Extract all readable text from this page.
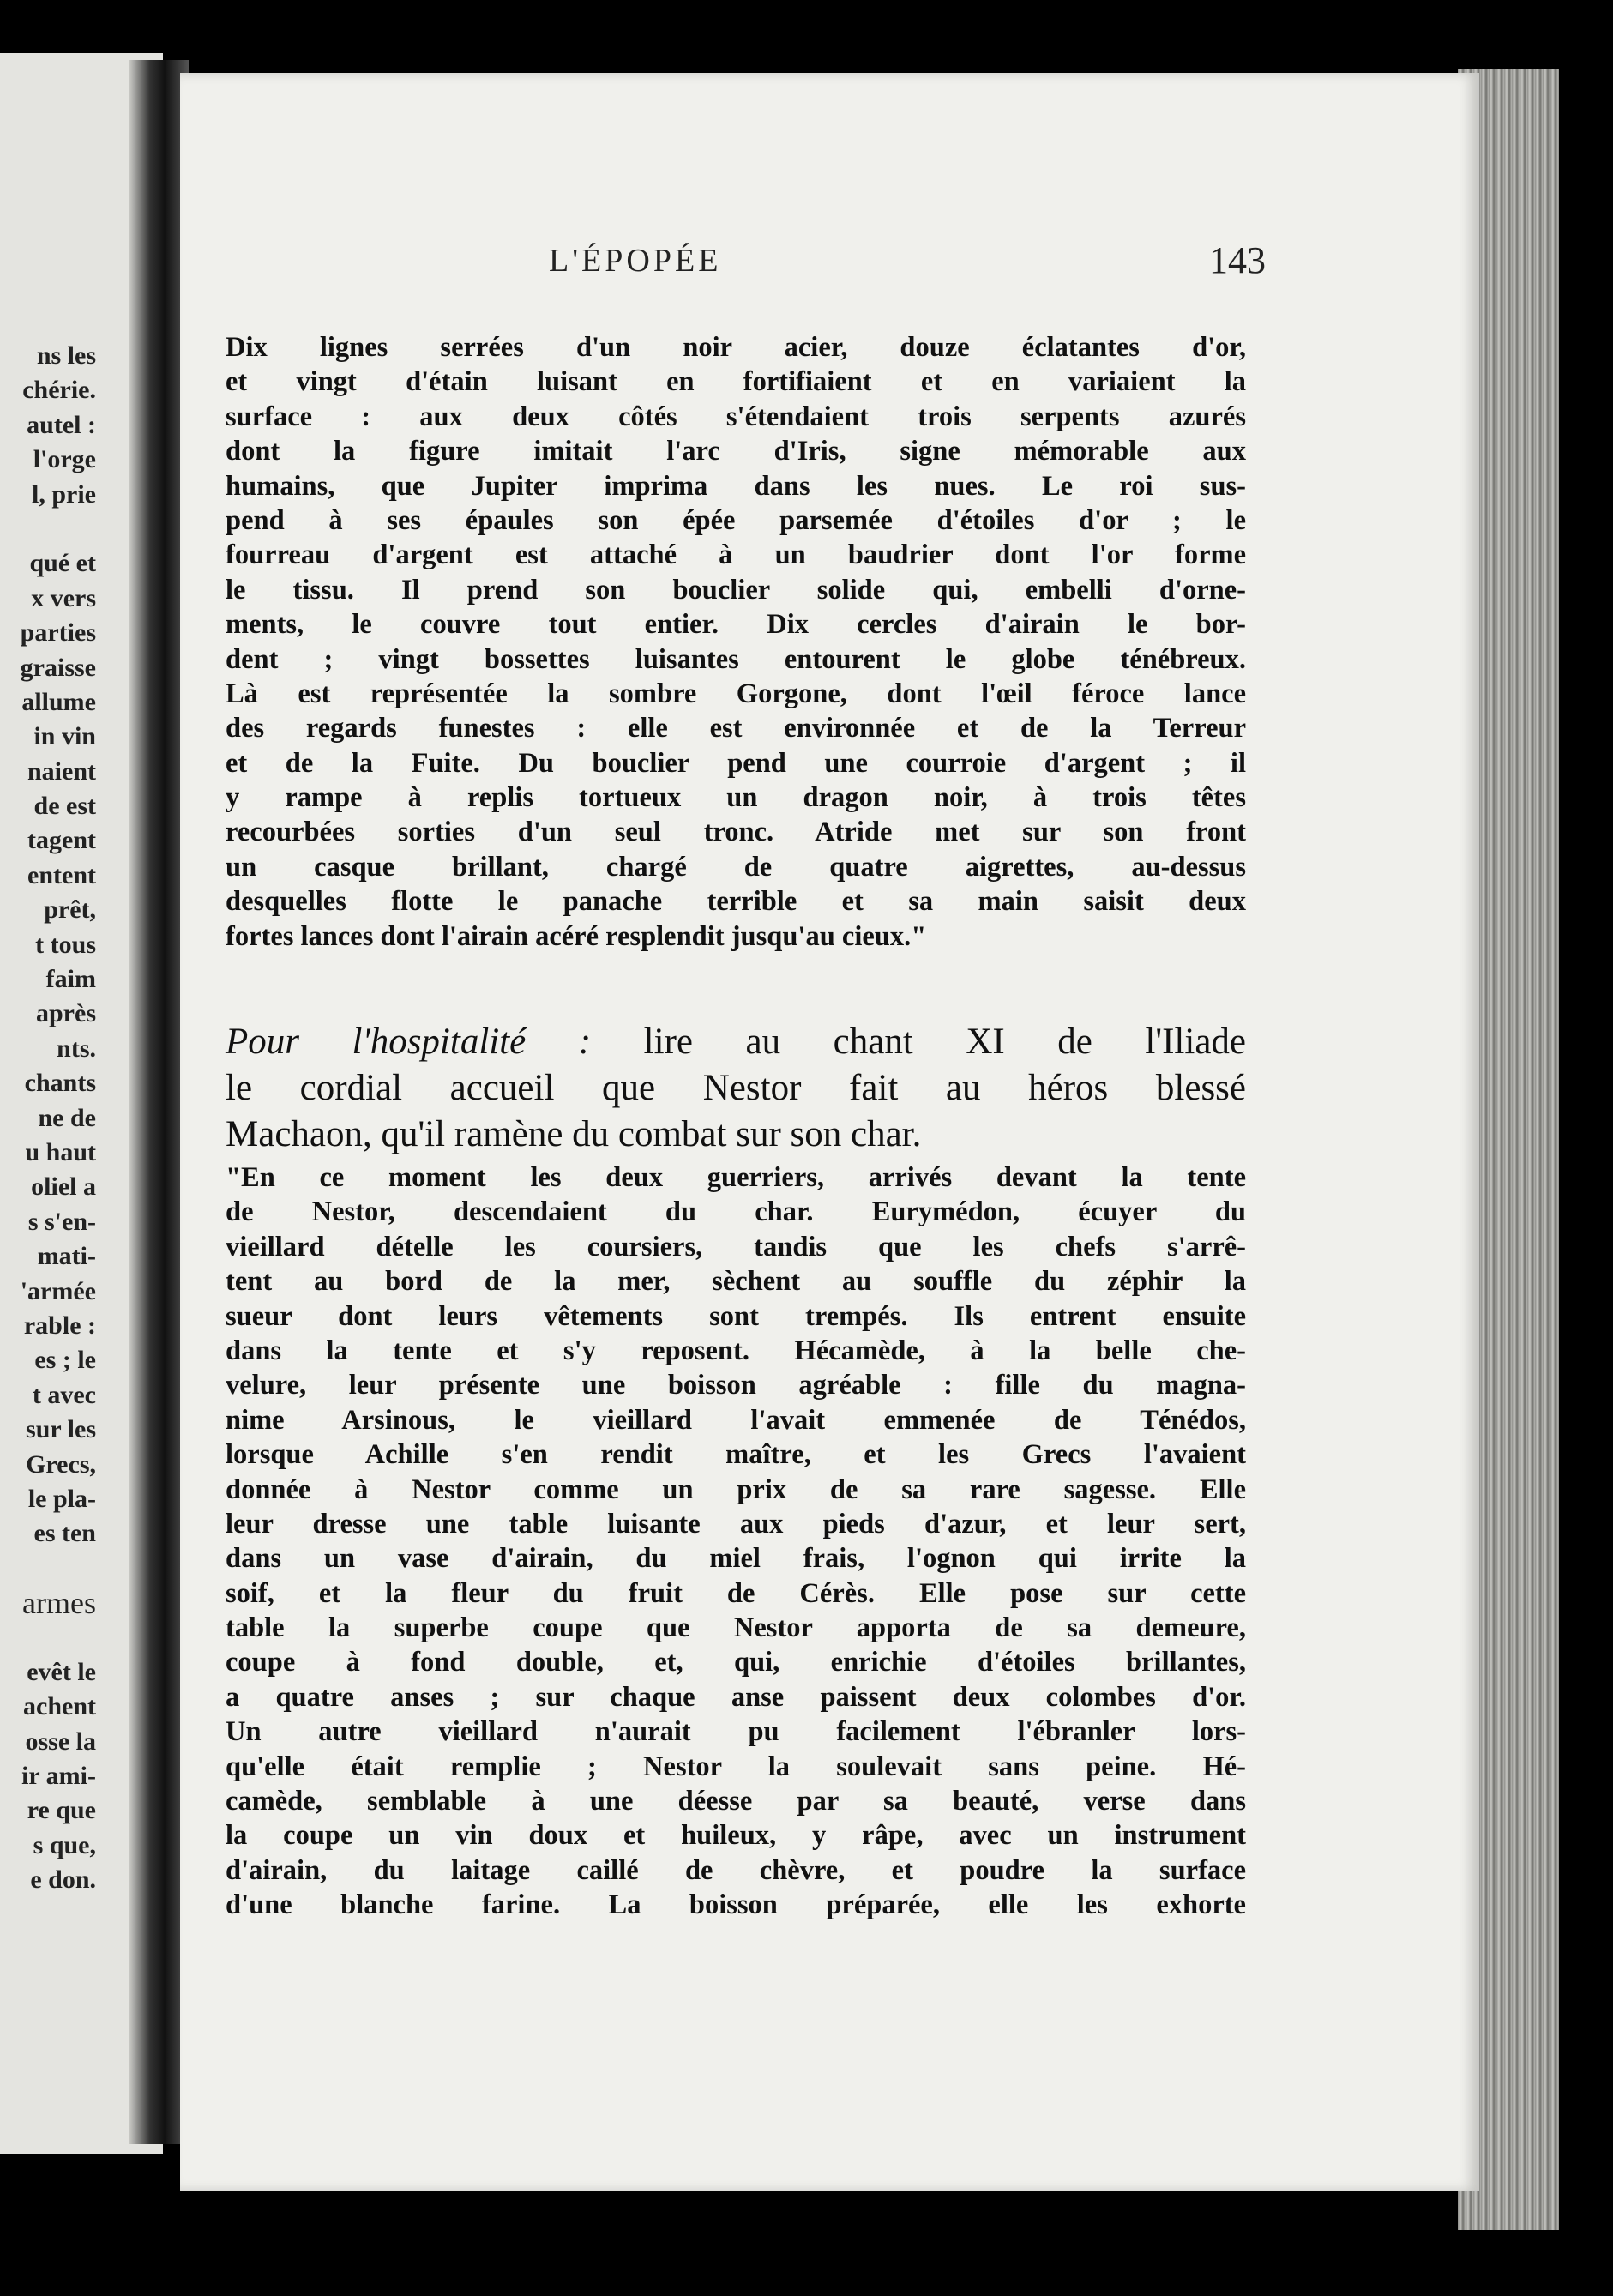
ns les
chérie.
autel :
l'orge
l, prie
qué et
x vers
parties
graisse
allume
in vin
naient
de est
tagent
entent
prêt,
t tous
faim
après
nts.
chants
ne de
u haut
oliel a
s s'en-
mati-
'armée
rable :
es ; le
t avec
sur les
Grecs,
le pla-
es ten
armes
evêt le
achent
osse la
ir ami-
re que
s que,
e don.
L'ÉPOPÉE	143
Dix lignes serrées d'un noir acier, douze éclatantes d'or,
et vingt d'étain luisant en fortifiaient et en variaient la
surface : aux deux côtés s'étendaient trois serpents azurés
dont la figure imitait l'arc d'Iris, signe mémorable aux
humains, que Jupiter imprima dans les nues. Le roi sus-
pend à ses épaules son épée parsemée d'étoiles d'or ; le
fourreau d'argent est attaché à un baudrier dont l'or forme
le tissu. Il prend son bouclier solide qui, embelli d'orne-
ments, le couvre tout entier. Dix cercles d'airain le bor-
dent ; vingt bossettes luisantes entourent le globe ténébreux.
Là est représentée la sombre Gorgone, dont l'œil féroce lance
des regards funestes : elle est environnée et de la Terreur
et de la Fuite. Du bouclier pend une courroie d'argent ; il
y rampe à replis tortueux un dragon noir, à trois têtes
recourbées sorties d'un seul tronc. Atride met sur son front
un casque brillant, chargé de quatre aigrettes, au-dessus
desquelles flotte le panache terrible et sa main saisit deux
fortes lances dont l'airain acéré resplendit jusqu'au cieux."
Pour l'hospitalité : lire au chant XI de l'Iliade
le cordial accueil que Nestor fait au héros blessé
Machaon, qu'il ramène du combat sur son char.
"En ce moment les deux guerriers, arrivés devant la tente
de Nestor, descendaient du char. Eurymédon, écuyer du
vieillard dételle les coursiers, tandis que les chefs s'arrê-
tent au bord de la mer, sèchent au souffle du zéphir la
sueur dont leurs vêtements sont trempés. Ils entrent ensuite
dans la tente et s'y reposent. Hécamède, à la belle che-
velure, leur présente une boisson agréable : fille du magna-
nime Arsinous, le vieillard l'avait emmenée de Ténédos,
lorsque Achille s'en rendit maître, et les Grecs l'avaient
donnée à Nestor comme un prix de sa rare sagesse. Elle
leur dresse une table luisante aux pieds d'azur, et leur sert,
dans un vase d'airain, du miel frais, l'ognon qui irrite la
soif, et la fleur du fruit de Cérès. Elle pose sur cette
table la superbe coupe que Nestor apporta de sa demeure,
coupe à fond double, et, qui, enrichie d'étoiles brillantes,
a quatre anses ; sur chaque anse paissent deux colombes d'or.
Un autre vieillard n'aurait pu facilement l'ébranler lors-
qu'elle était remplie ; Nestor la soulevait sans peine. Hé-
camède, semblable à une déesse par sa beauté, verse dans
la coupe un vin doux et huileux, y râpe, avec un instrument
d'airain, du laitage caillé de chèvre, et poudre la surface
d'une blanche farine. La boisson préparée, elle les exhorte
